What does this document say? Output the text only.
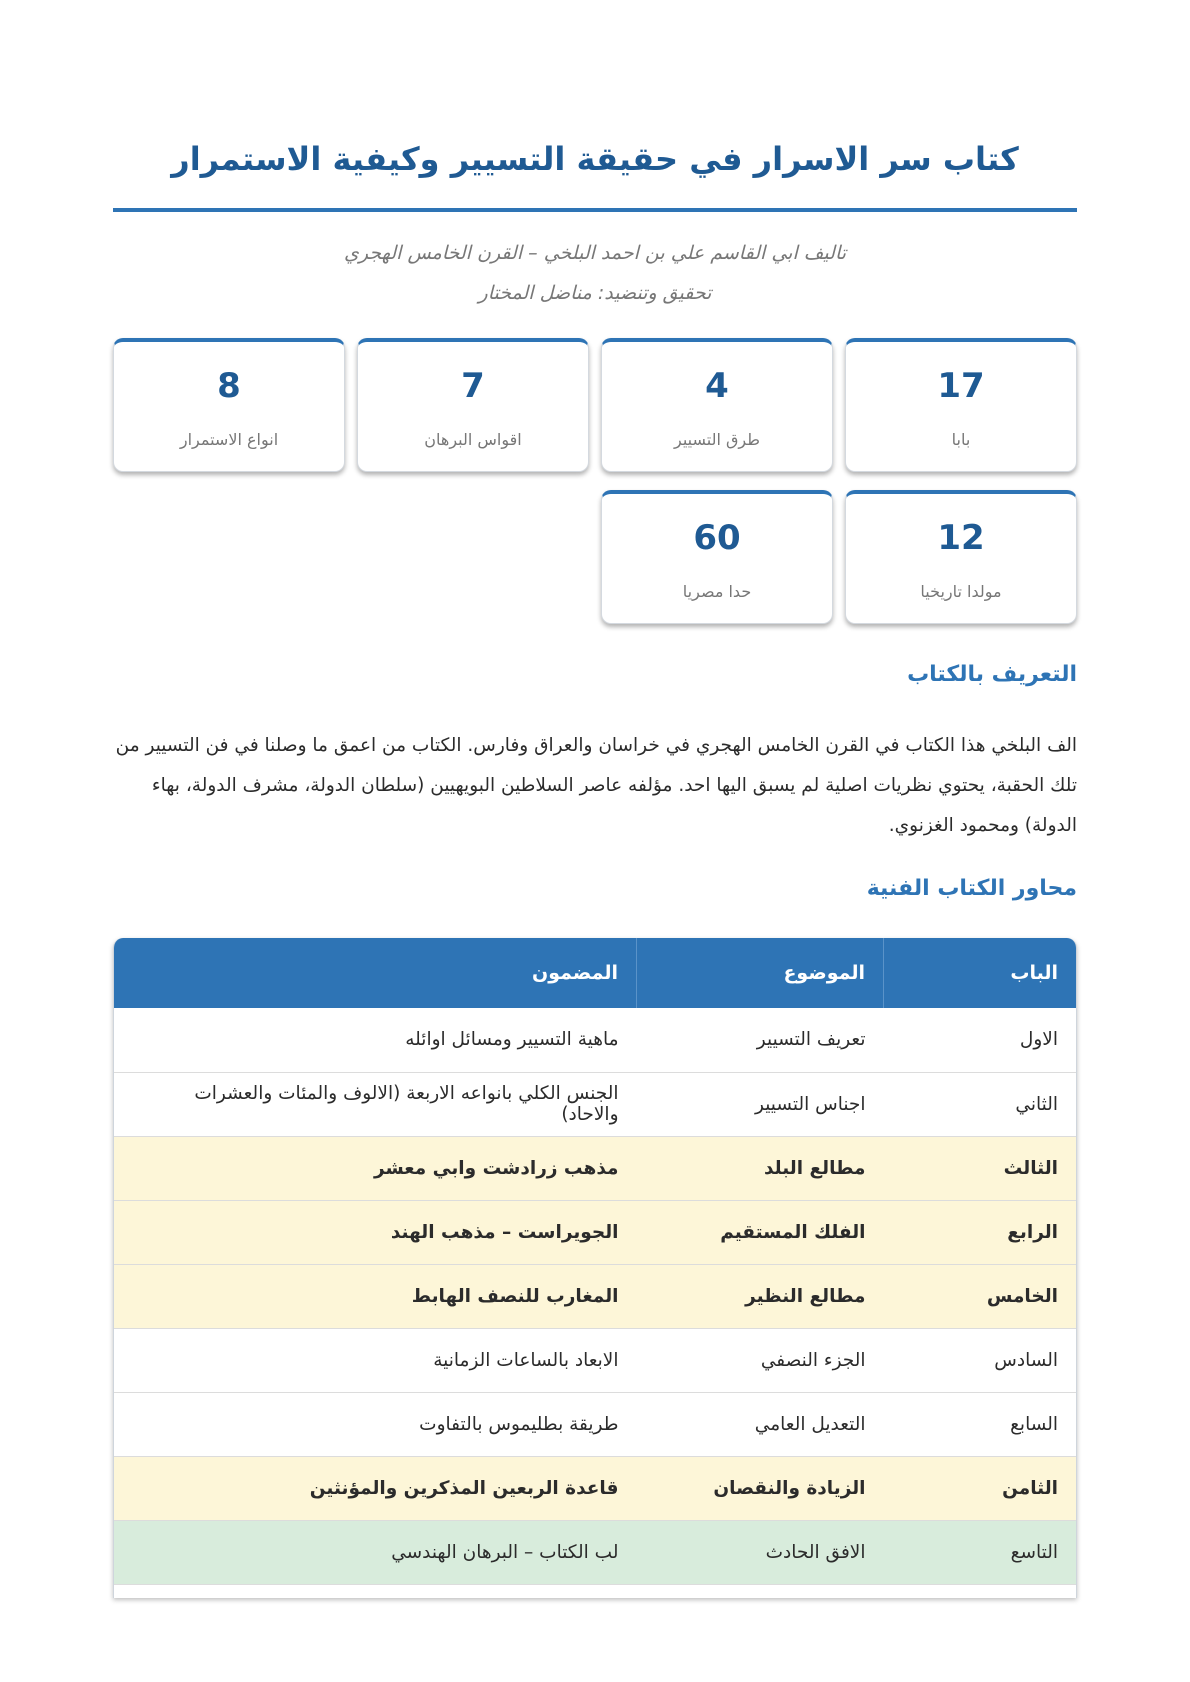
كتاب سر الاسرار في حقيقة التسيير وكيفية الاستمرار
تاليف ابي القاسم علي بن احمد البلخي – القرن الخامس الهجري
تحقيق وتنضيد: مناضل المختار
17
بابا
4
طرق التسيير
7
اقواس البرهان
8
انواع الاستمرار
12
مولدا تاريخيا
60
حدا مصريا
التعريف بالكتاب

الف البلخي هذا الكتاب في القرن الخامس الهجري في خراسان والعراق وفارس. الكتاب من اعمق ما وصلنا في فن التسيير من تلك الحقبة، يحتوي نظريات اصلية لم يسبق اليها احد. مؤلفه عاصر السلاطين البويهيين (سلطان الدولة، مشرف الدولة، بهاء الدولة) ومحمود الغزنوي.

محاور الكتاب الفنية
الباب	الموضوع	المضمون
الاول	تعريف التسيير	ماهية التسيير ومسائل اوائله
الثاني	اجناس التسيير	الجنس الكلي بانواعه الاربعة (الالوف والمئات والعشرات والاحاد)
الثالث	مطالع البلد	مذهب زرادشت وابي معشر
الرابع	الفلك المستقيم	الجويراست – مذهب الهند
الخامس	مطالع النظير	المغارب للنصف الهابط
السادس	الجزء النصفي	الابعاد بالساعات الزمانية
السابع	التعديل العامي	طريقة بطليموس بالتفاوت
الثامن	الزيادة والنقصان	قاعدة الربعين المذكرين والمؤنثين
التاسع	الافق الحادث	لب الكتاب – البرهان الهندسي
